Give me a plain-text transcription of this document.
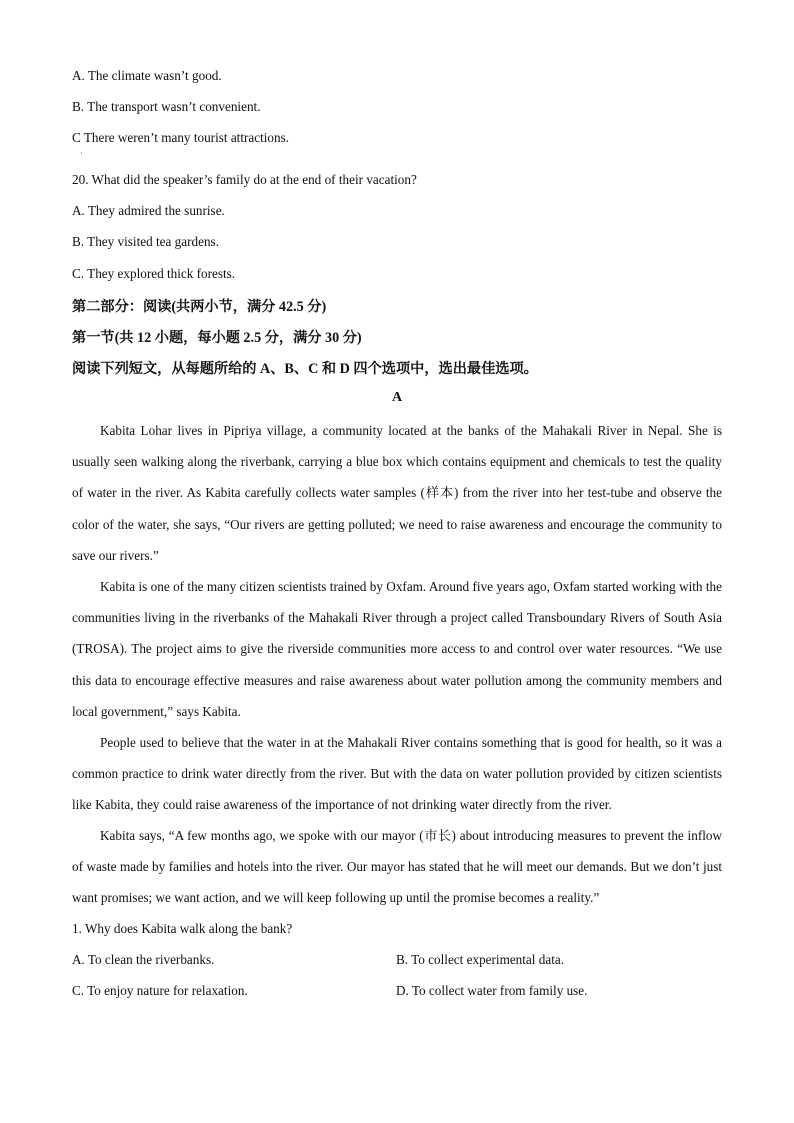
A. The climate wasn’t good.
B. The transport wasn’t convenient.
C There weren’t many tourist attractions.
·
20. What did the speaker’s family do at the end of their vacation?
A. They admired the sunrise.
B. They visited tea gardens.
C. They explored thick forests.
第二部分：阅读(共两小节，满分 42.5 分)
第一节(共 12 小题，每小题 2.5 分，满分 30 分)
阅读下列短文，从每题所给的 A、B、C 和 D 四个选项中，选出最佳选项。
A
Kabita Lohar lives in Pipriya village, a community located at the banks of the Mahakali River in Nepal. She is usually seen walking along the riverbank, carrying a blue box which contains equipment and chemicals to test the quality of water in the river. As Kabita carefully collects water samples (样本) from the river into her test-tube and observe the color of the water, she says, “Our rivers are getting polluted; we need to raise awareness and encourage the community to save our rivers.”
Kabita is one of the many citizen scientists trained by Oxfam. Around five years ago, Oxfam started working with the communities living in the riverbanks of the Mahakali River through a project called Transboundary Rivers of South Asia (TROSA). The project aims to give the riverside communities more access to and control over water resources. “We use this data to encourage effective measures and raise awareness about water pollution among the community members and local government,” says Kabita.
People used to believe that the water in at the Mahakali River contains something that is good for health, so it was a common practice to drink water directly from the river. But with the data on water pollution provided by citizen scientists like Kabita, they could raise awareness of the importance of not drinking water directly from the river.
Kabita says, “A few months ago, we spoke with our mayor (市长) about introducing measures to prevent the inflow of waste made by families and hotels into the river. Our mayor has stated that he will meet our demands. But we don’t just want promises; we want action, and we will keep following up until the promise becomes a reality.”
1. Why does Kabita walk along the bank?
A. To clean the riverbanks.	B. To collect experimental data.
C. To enjoy nature for relaxation.	D. To collect water from family use.
